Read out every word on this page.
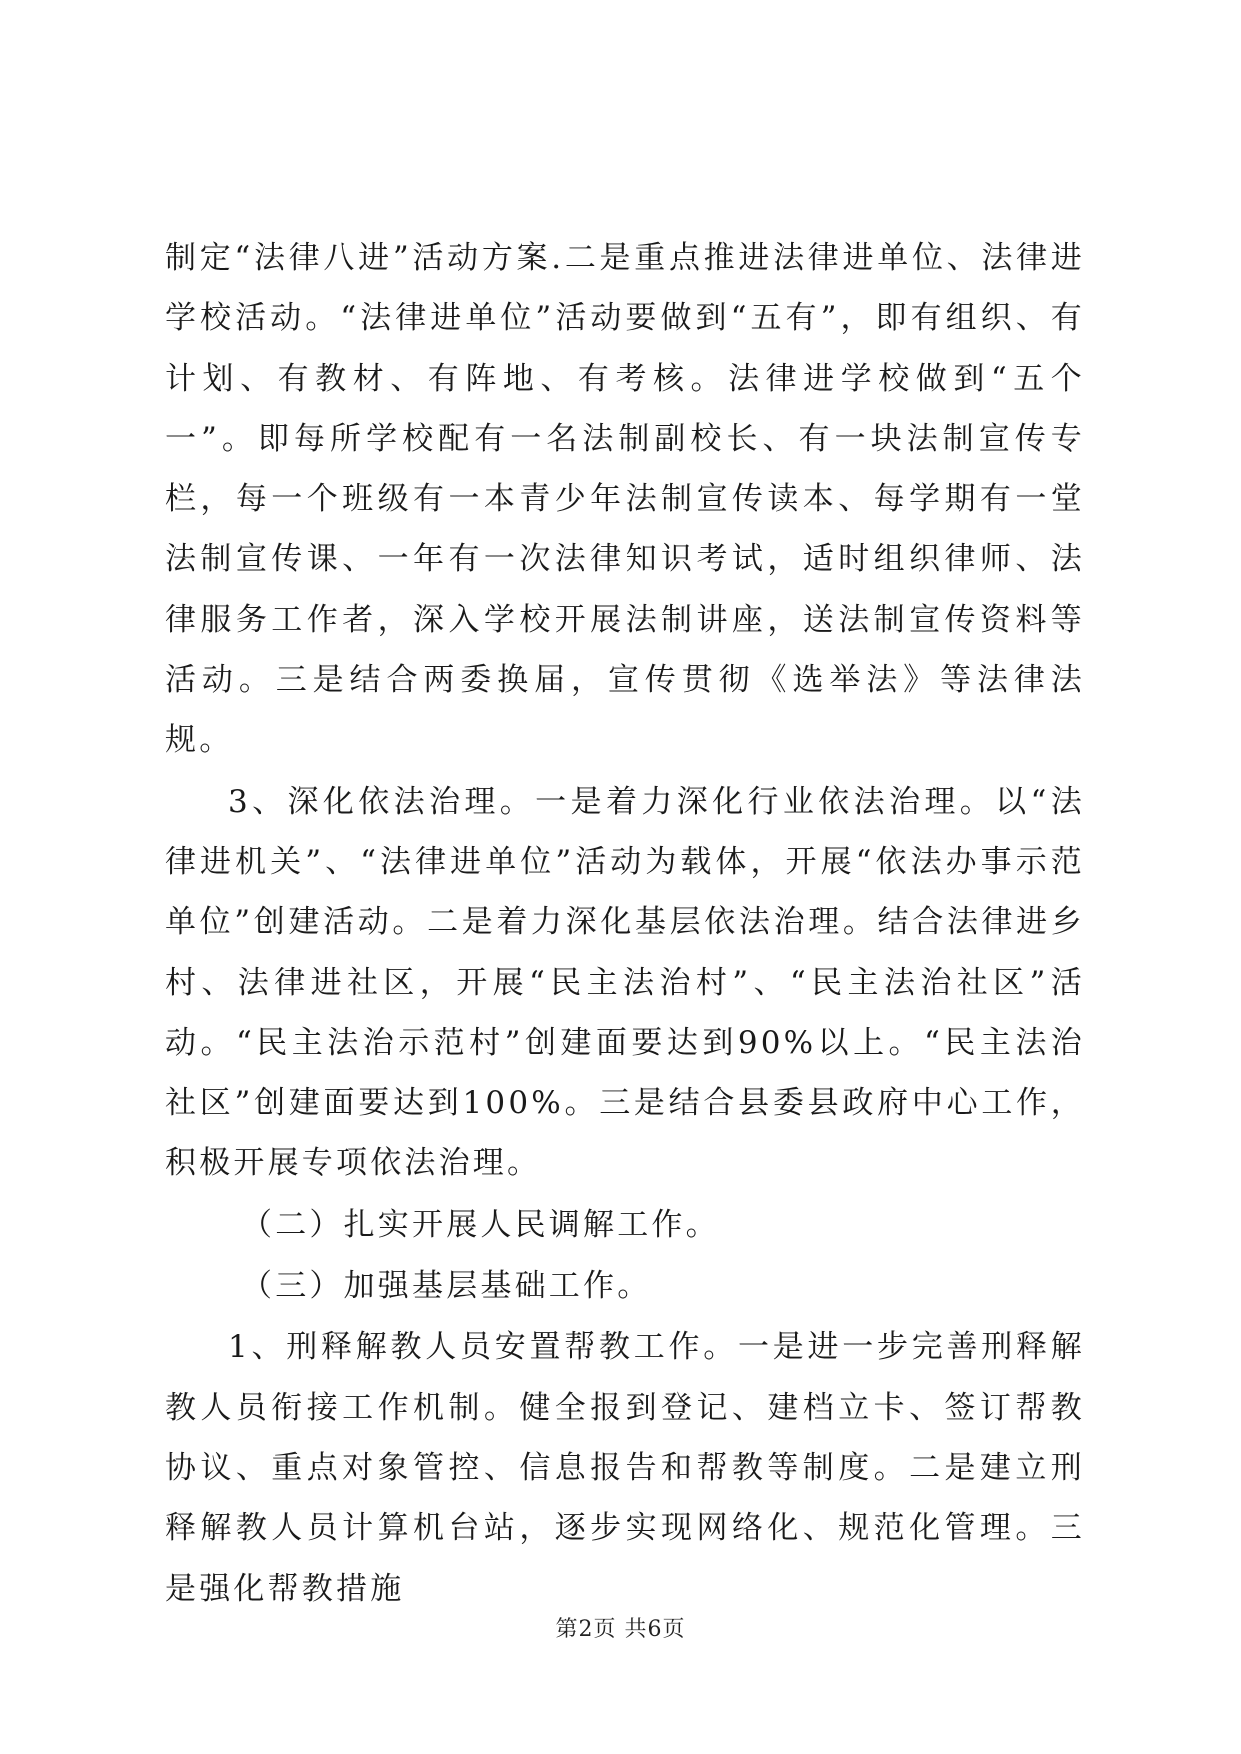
制定“法律八进”活动方案.二是重点推进法律进单位、法律进学校活动。“法律进单位”活动要做到“五有”，即有组织、有计划、有教材、有阵地、有考核。法律进学校做到“五个一”。即每所学校配有一名法制副校长、有一块法制宣传专栏，每一个班级有一本青少年法制宣传读本、每学期有一堂法制宣传课、一年有一次法律知识考试，适时组织律师、法律服务工作者，深入学校开展法制讲座，送法制宣传资料等活动。三是结合两委换届，宣传贯彻《选举法》等法律法规。

3、深化依法治理。一是着力深化行业依法治理。以“法律进机关”、“法律进单位”活动为载体，开展“依法办事示范单位”创建活动。二是着力深化基层依法治理。结合法律进乡村、法律进社区，开展“民主法治村”、“民主法治社区”活动。“民主法治示范村”创建面要达到90%以上。“民主法治社区”创建面要达到100%。三是结合县委县政府中心工作，积极开展专项依法治理。

（二）扎实开展人民调解工作。

（三）加强基层基础工作。

1、刑释解教人员安置帮教工作。一是进一步完善刑释解教人员衔接工作机制。健全报到登记、建档立卡、签订帮教协议、重点对象管控、信息报告和帮教等制度。二是建立刑释解教人员计算机台站，逐步实现网络化、规范化管理。三是强化帮教措施

第2页 共6页
